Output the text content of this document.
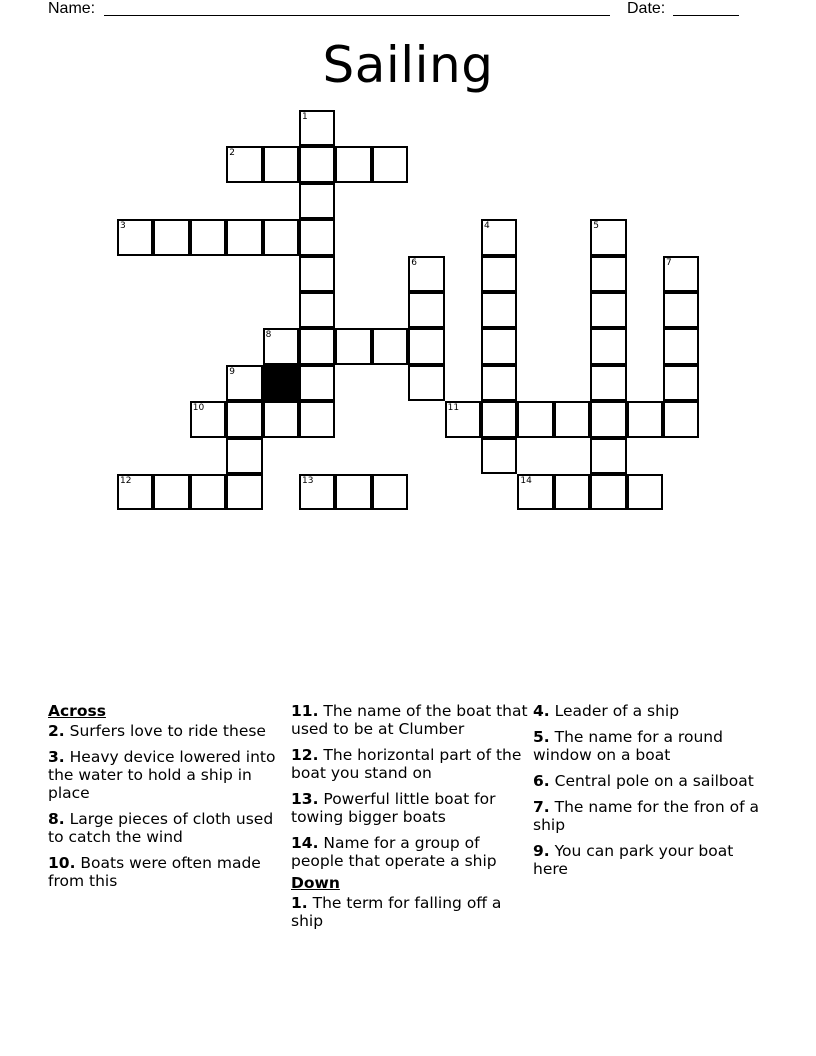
Name:	Date:
Sailing
1
2
3	4	5
6	7
8
9
10	11
12	13	14
Across
2. Surfers love to ride these
3. Heavy device lowered into the water to hold a ship in place
8. Large pieces of cloth used to catch the wind
10. Boats were often made from this
11. The name of the boat that used to be at Clumber
12. The horizontal part of the boat you stand on
13. Powerful little boat for towing bigger boats
14. Name for a group of people that operate a ship
Down
1. The term for falling off a ship
4. Leader of a ship
5. The name for a round window on a boat
6. Central pole on a sailboat
7. The name for the fron of a ship
9. You can park your boat here
